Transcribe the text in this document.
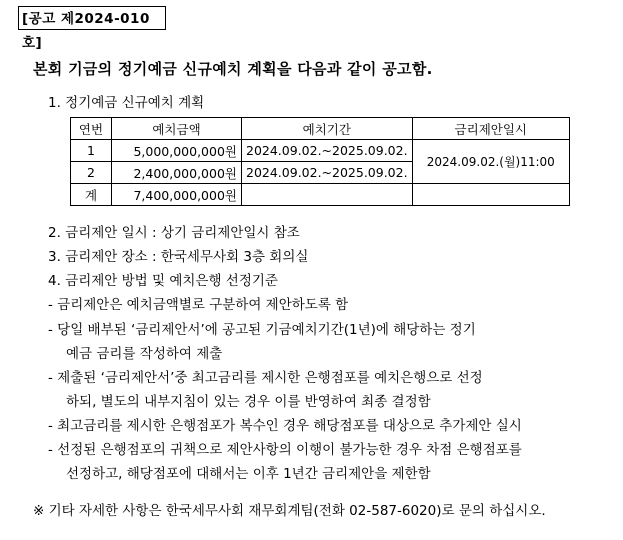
[공고 제2024-010호]
본회 기금의 정기예금 신규예치 계획을 다음과 같이 공고함.
1. 정기예금 신규예치 계획
연번	예치금액	예치기간	금리제안일시
1	5,000,000,000원	2024.09.02.~2025.09.02.	2024.09.02.(월)11:00
2	2,400,000,000원	2024.09.02.~2025.09.02.	
계	7,400,000,000원		
2. 금리제안 일시 : 상기 금리제안일시 참조
3. 금리제안 장소 : 한국세무사회 3층 회의실
4. 금리제안 방법 및 예치은행 선정기준
- 금리제안은 예치금액별로 구분하여 제안하도록 함
- 당일 배부된 ‘금리제안서’에 공고된 기금예치기간(1년)에 해당하는 정기
예금 금리를 작성하여 제출
- 제출된 ‘금리제안서’중 최고금리를 제시한 은행점포를 예치은행으로 선정
하되, 별도의 내부지침이 있는 경우 이를 반영하여 최종 결정함
- 최고금리를 제시한 은행점포가 복수인 경우 해당점포를 대상으로 추가제안 실시
- 선정된 은행점포의 귀책으로 제안사항의 이행이 불가능한 경우 차점 은행점포를
선정하고, 해당점포에 대해서는 이후 1년간 금리제안을 제한함
※ 기타 자세한 사항은 한국세무사회 재무회계팀(전화 02-587-6020)로 문의 하십시오.
